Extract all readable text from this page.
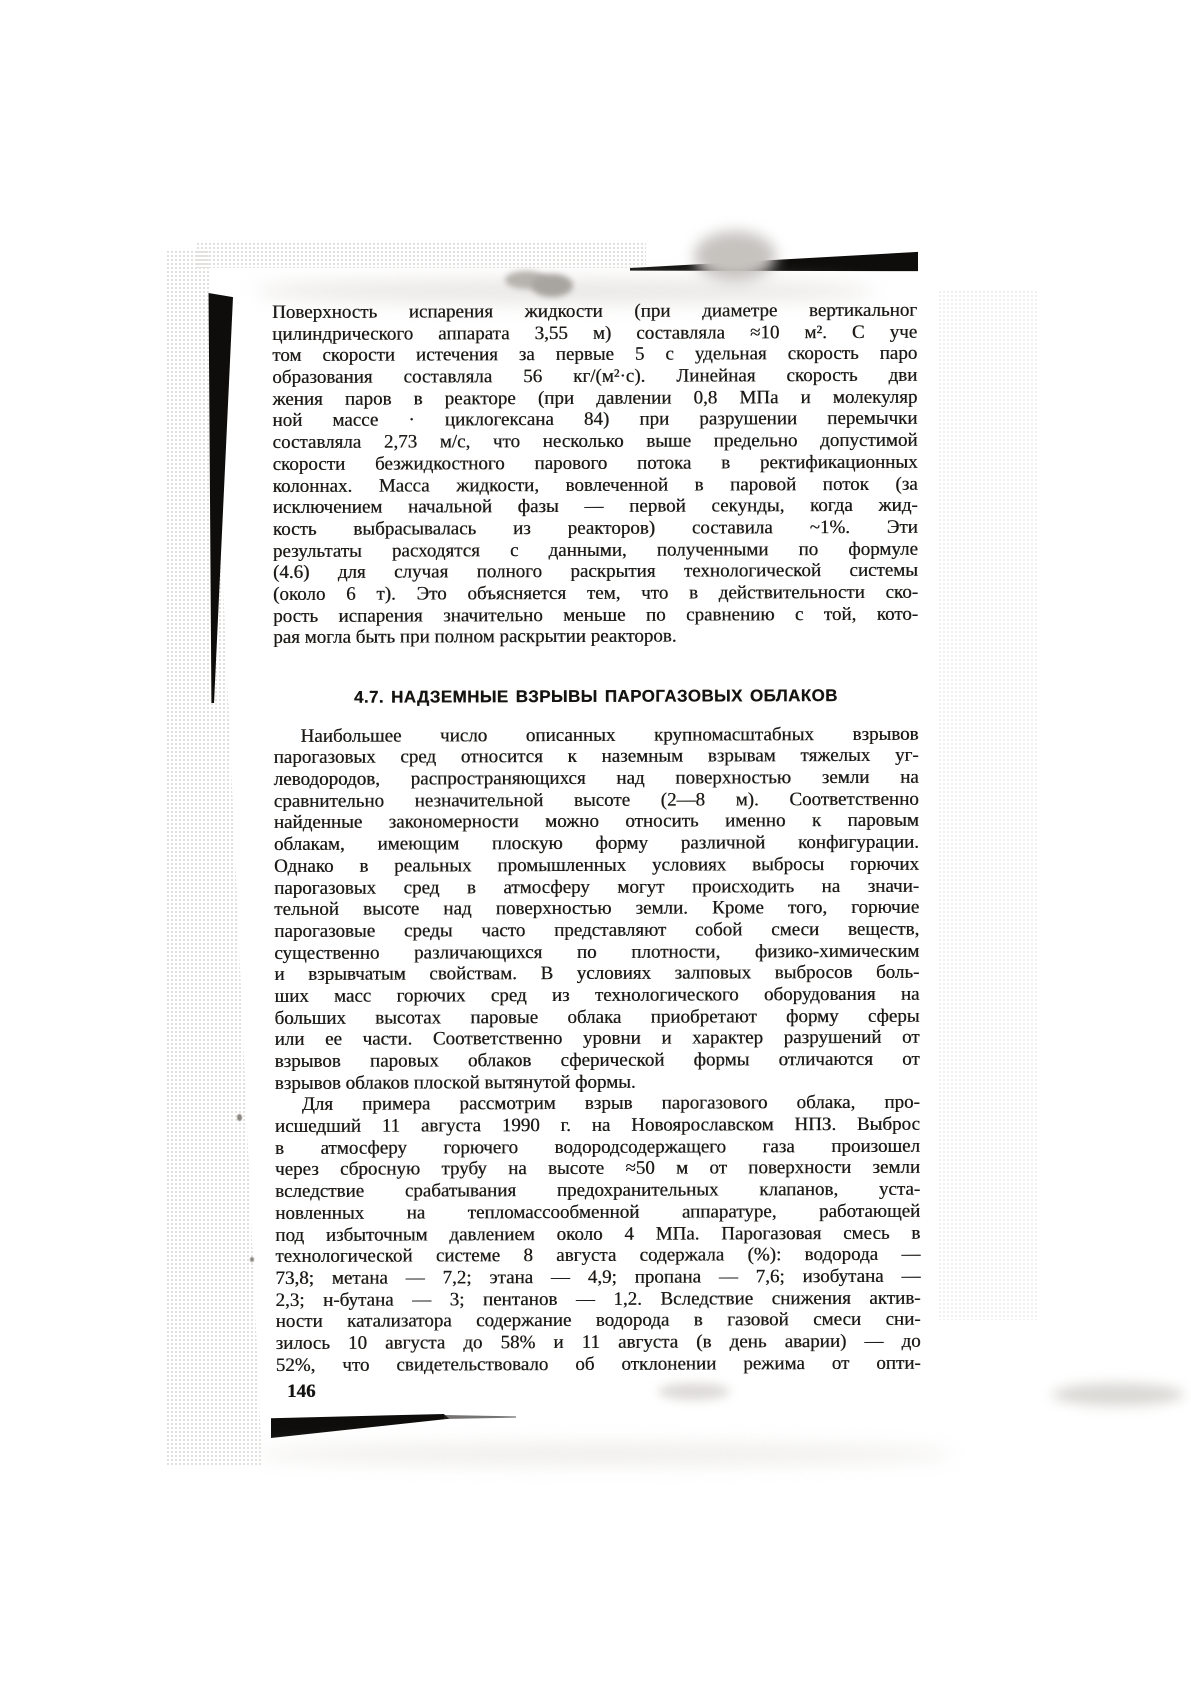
Поверхность испарения жидкости (при диаметре вертикальног
цилиндрического аппарата 3,55 м) составляла ≈10 м². С уче
том скорости истечения за первые 5 с удельная скорость паро
образования составляла 56 кг/(м²·с). Линейная скорость дви
жения паров в реакторе (при давлении 0,8 МПа и молекуляр
ной массе · циклогексана 84) при разрушении перемычки
составляла 2,73 м/с, что несколько выше предельно допустимой
скорости безжидкостного парового потока в ректификационных
колоннах. Масса жидкости, вовлеченной в паровой поток (за
исключением начальной фазы — первой секунды, когда жид-
кость выбрасывалась из реакторов) составила ~1%. Эти
результаты расходятся с данными, полученными по формуле
(4.6) для случая полного раскрытия технологической системы
(около 6 т). Это объясняется тем, что в действительности ско-
рость испарения значительно меньше по сравнению с той, кото-
рая могла быть при полном раскрытии реакторов.
4.7. НАДЗЕМНЫЕ ВЗРЫВЫ ПАРОГАЗОВЫХ ОБЛАКОВ
Наибольшее число описанных крупномасштабных взрывов
парогазовых сред относится к наземным взрывам тяжелых уг-
леводородов, распространяющихся над поверхностью земли на
сравнительно незначительной высоте (2—8 м). Соответственно
найденные закономерности можно относить именно к паровым
облакам, имеющим плоскую форму различной конфигурации.
Однако в реальных промышленных условиях выбросы горючих
парогазовых сред в атмосферу могут происходить на значи-
тельной высоте над поверхностью земли. Кроме того, горючие
парогазовые среды часто представляют собой смеси веществ,
существенно различающихся по плотности, физико-химическим
и взрывчатым свойствам. В условиях залповых выбросов боль-
ших масс горючих сред из технологического оборудования на
больших высотах паровые облака приобретают форму сферы
или ее части. Соответственно уровни и характер разрушений от
взрывов паровых облаков сферической формы отличаются от
взрывов облаков плоской вытянутой формы.
Для примера рассмотрим взрыв парогазового облака, про-
исшедший 11 августа 1990 г. на Новоярославском НПЗ. Выброс
в атмосферу горючего водородсодержащего газа произошел
через сбросную трубу на высоте ≈50 м от поверхности земли
вследствие срабатывания предохранительных клапанов, уста-
новленных на тепломассообменной аппаратуре, работающей
под избыточным давлением около 4 МПа. Парогазовая смесь в
технологической системе 8 августа содержала (%): водорода —
73,8; метана — 7,2; этана — 4,9; пропана — 7,6; изобутана —
2,3; н-бутана — 3; пентанов — 1,2. Вследствие снижения актив-
ности катализатора содержание водорода в газовой смеси сни-
зилось 10 августа до 58% и 11 августа (в день аварии) — до
52%, что свидетельствовало об отклонении режима от опти-
146
